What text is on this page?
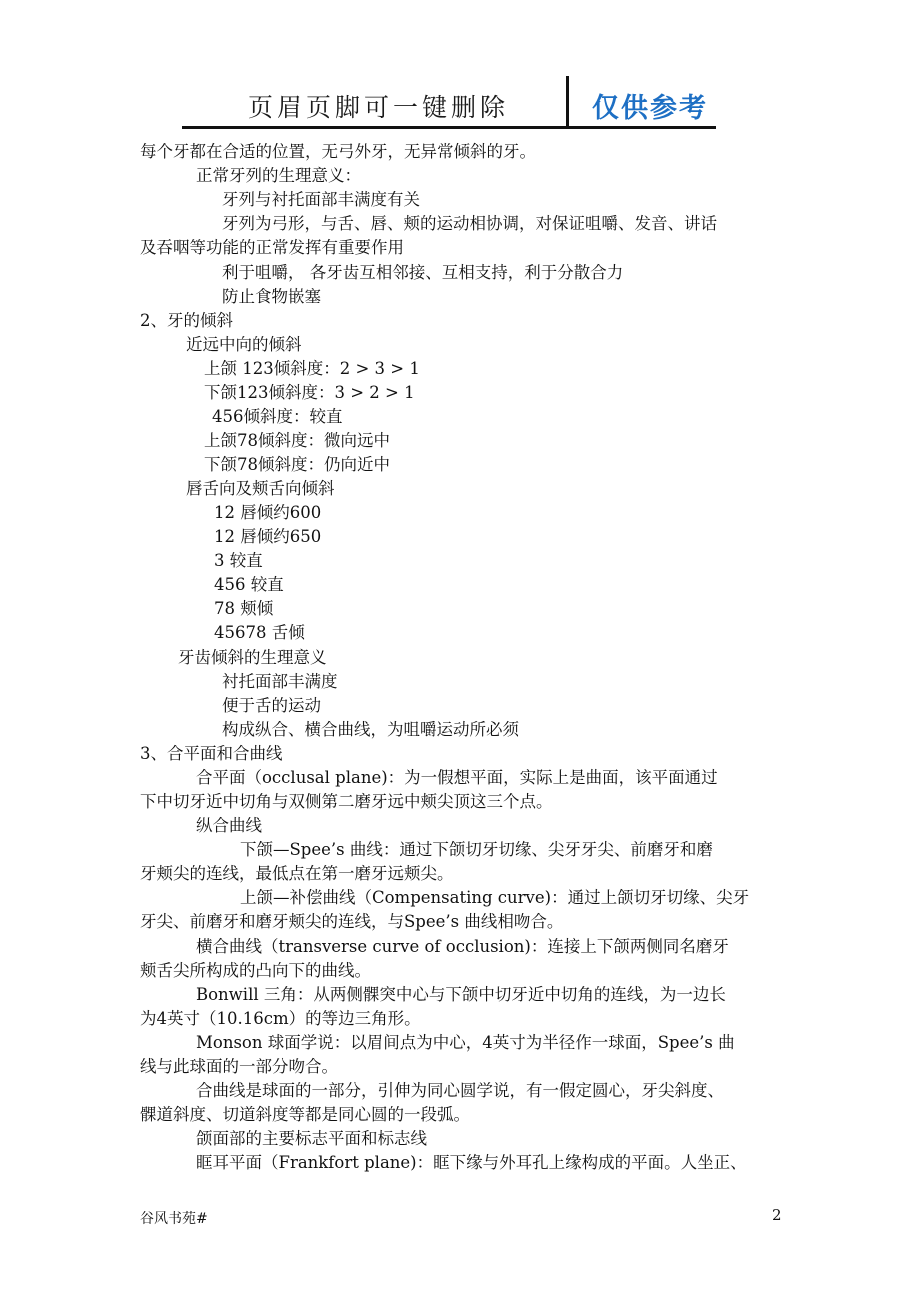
页眉页脚可一键删除	仅供参考
每个牙都在合适的位置，无弓外牙，无异常倾斜的牙。
正常牙列的生理意义：
牙列与衬托面部丰满度有关
牙列为弓形，与舌、唇、颊的运动相协调，对保证咀嚼、发音、讲话
及吞咽等功能的正常发挥有重要作用
利于咀嚼， 各牙齿互相邻接、互相支持，利于分散合力
防止食物嵌塞
2、牙的倾斜
近远中向的倾斜
上颌 123倾斜度：2 > 3 > 1
下颌123倾斜度：3 > 2 > 1
456倾斜度：较直
上颌78倾斜度：微向远中
下颌78倾斜度：仍向近中
唇舌向及颊舌向倾斜
12 唇倾约600
12 唇倾约650
3 较直
456 较直
78 颊倾
45678 舌倾
牙齿倾斜的生理意义
衬托面部丰满度
便于舌的运动
构成纵合、横合曲线，为咀嚼运动所必须
3、合平面和合曲线
合平面（occlusal plane)：为一假想平面，实际上是曲面，该平面通过
下中切牙近中切角与双侧第二磨牙远中颊尖顶这三个点。
纵合曲线
下颌—Spee’s 曲线：通过下颌切牙切缘、尖牙牙尖、前磨牙和磨
牙颊尖的连线，最低点在第一磨牙远颊尖。
上颌—补偿曲线（Compensating curve)：通过上颌切牙切缘、尖牙
牙尖、前磨牙和磨牙颊尖的连线，与Spee’s 曲线相吻合。
横合曲线（transverse curve of occlusion)：连接上下颌两侧同名磨牙
颊舌尖所构成的凸向下的曲线。
Bonwill 三角：从两侧髁突中心与下颌中切牙近中切角的连线，为一边长
为4英寸（10.16cm）的等边三角形。
Monson 球面学说：以眉间点为中心，4英寸为半径作一球面，Spee’s 曲
线与此球面的一部分吻合。
合曲线是球面的一部分，引伸为同心圆学说，有一假定圆心，牙尖斜度、
髁道斜度、切道斜度等都是同心圆的一段弧。
颌面部的主要标志平面和标志线
眶耳平面（Frankfort plane)：眶下缘与外耳孔上缘构成的平面。人坐正、
谷风书苑#	2
